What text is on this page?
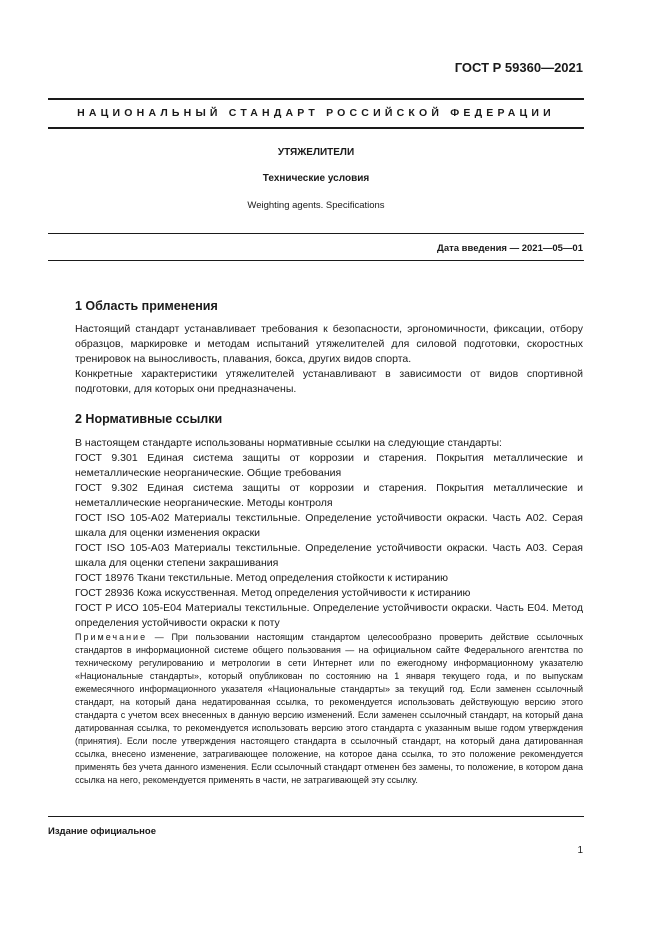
ГОСТ Р 59360—2021
НАЦИОНАЛЬНЫЙ СТАНДАРТ РОССИЙСКОЙ ФЕДЕРАЦИИ
УТЯЖЕЛИТЕЛИ
Технические условия
Weighting agents. Specifications
Дата введения — 2021—05—01
1 Область применения

Настоящий стандарт устанавливает требования к безопасности, эргономичности, фиксации, отбору образцов, маркировке и методам испытаний утяжелителей для силовой подготовки, скоростных тренировок на выносливость, плавания, бокса, других видов спорта.

Конкретные характеристики утяжелителей устанавливают в зависимости от видов спортивной подготовки, для которых они предназначены.

2 Нормативные ссылки

В настоящем стандарте использованы нормативные ссылки на следующие стандарты:

ГОСТ 9.301 Единая система защиты от коррозии и старения. Покрытия металлические и неметаллические неорганические. Общие требования

ГОСТ 9.302 Единая система защиты от коррозии и старения. Покрытия металлические и неметаллические неорганические. Методы контроля

ГОСТ ISO 105-A02 Материалы текстильные. Определение устойчивости окраски. Часть A02. Серая шкала для оценки изменения окраски

ГОСТ ISO 105-A03 Материалы текстильные. Определение устойчивости окраски. Часть A03. Серая шкала для оценки степени закрашивания

ГОСТ 18976 Ткани текстильные. Метод определения стойкости к истиранию

ГОСТ 28936 Кожа искусственная. Метод определения устойчивости к истиранию

ГОСТ Р ИСО 105-E04 Материалы текстильные. Определение устойчивости окраски. Часть E04. Метод определения устойчивости окраски к поту

Примечание — При пользовании настоящим стандартом целесообразно проверить действие ссылочных стандартов в информационной системе общего пользования — на официальном сайте Федерального агентства по техническому регулированию и метрологии в сети Интернет или по ежегодному информационному указателю «Национальные стандарты», который опубликован по состоянию на 1 января текущего года, и по выпускам ежемесячного информационного указателя «Национальные стандарты» за текущий год. Если заменен ссылочный стандарт, на который дана недатированная ссылка, то рекомендуется использовать действующую версию этого стандарта с учетом всех внесенных в данную версию изменений. Если заменен ссылочный стандарт, на который дана датированная ссылка, то рекомендуется использовать версию этого стандарта с указанным выше годом утверждения (принятия). Если после утверждения настоящего стандарта в ссылочный стандарт, на который дана датированная ссылка, внесено изменение, затрагивающее положение, на которое дана ссылка, то это положение рекомендуется применять без учета данного изменения. Если ссылочный стандарт отменен без замены, то положение, в котором дана ссылка на него, рекомендуется применять в части, не затрагивающей эту ссылку.
Издание официальное
1
